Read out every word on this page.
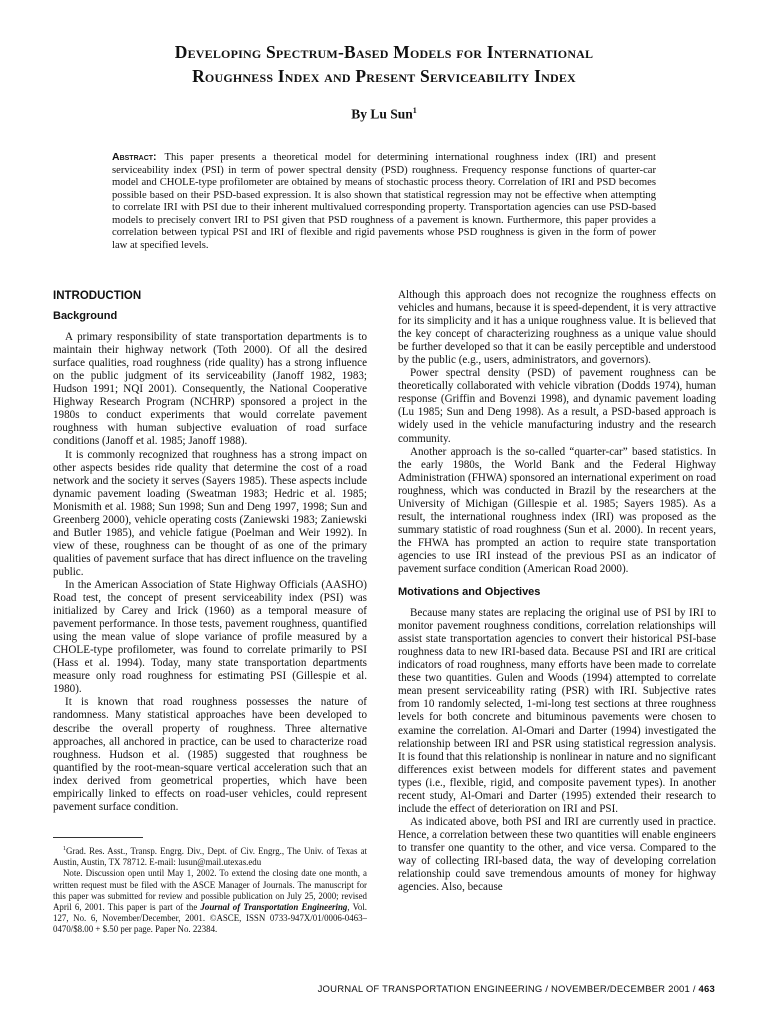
Developing Spectrum-Based Models for International
Roughness Index and Present Serviceability Index
By Lu Sun$^1$
Abstract: This paper presents a theoretical model for determining international roughness index (IRI) and present serviceability index (PSI) in term of power spectral density (PSD) roughness. Frequency response functions of quarter-car model and CHOLE-type profilometer are obtained by means of stochastic process theory. Correlation of IRI and PSD becomes possible based on their PSD-based expression. It is also shown that statistical regression may not be effective when attempting to correlate IRI with PSI due to their inherent multivalued corresponding property. Transportation agencies can use PSD-based models to precisely convert IRI to PSI given that PSD roughness of a pavement is known. Furthermore, this paper provides a correlation between typical PSI and IRI of flexible and rigid pavements whose PSD roughness is given in the form of power law at specified levels.
INTRODUCTION
Background

A primary responsibility of state transportation departments is to maintain their highway network (Toth 2000). Of all the desired surface qualities, road roughness (ride quality) has a strong influence on the public judgment of its serviceability (Janoff 1982, 1983; Hudson 1991; NQI 2001). Consequently, the National Cooperative Highway Research Program (NCHRP) sponsored a project in the 1980s to conduct experiments that would correlate pavement roughness with human subjective evaluation of road surface conditions (Janoff et al. 1985; Janoff 1988).

It is commonly recognized that roughness has a strong impact on other aspects besides ride quality that determine the cost of a road network and the society it serves (Sayers 1985). These aspects include dynamic pavement loading (Sweatman 1983; Hedric et al. 1985; Monismith et al. 1988; Sun 1998; Sun and Deng 1997, 1998; Sun and Greenberg 2000), vehicle operating costs (Zaniewski 1983; Zaniewski and Butler 1985), and vehicle fatigue (Poelman and Weir 1992). In view of these, roughness can be thought of as one of the primary qualities of pavement surface that has direct influence on the traveling public.

In the American Association of State Highway Officials (AASHO) Road test, the concept of present serviceability index (PSI) was initialized by Carey and Irick (1960) as a temporal measure of pavement performance. In those tests, pavement roughness, quantified using the mean value of slope variance of profile measured by a CHOLE-type profilometer, was found to correlate primarily to PSI (Hass et al. 1994). Today, many state transportation departments measure only road roughness for estimating PSI (Gillespie et al. 1980).

It is known that road roughness possesses the nature of randomness. Many statistical approaches have been developed to describe the overall property of roughness. Three alternative approaches, all anchored in practice, can be used to characterize road roughness. Hudson et al. (1985) suggested that roughness be quantified by the root-mean-square vertical acceleration such that an index derived from geometrical properties, which have been empirically linked to effects on road-user vehicles, could represent pavement surface condition.

$^1$Grad. Res. Asst., Transp. Engrg. Div., Dept. of Civ. Engrg., The Univ. of Texas at Austin, Austin, TX 78712. E-mail: lusun@mail.utexas.edu

Note. Discussion open until May 1, 2002. To extend the closing date one month, a written request must be filed with the ASCE Manager of Journals. The manuscript for this paper was submitted for review and possible publication on July 25, 2000; revised April 6, 2001. This paper is part of the Journal of Transportation Engineering, Vol. 127, No. 6, November/December, 2001. ©ASCE, ISSN 0733-947X/01/0006-0463–0470/$8.00 + $.50 per page. Paper No. 22384.

Although this approach does not recognize the roughness effects on vehicles and humans, because it is speed-dependent, it is very attractive for its simplicity and it has a unique roughness value. It is believed that the key concept of characterizing roughness as a unique value should be further developed so that it can be easily perceptible and understood by the public (e.g., users, administrators, and governors).

Power spectral density (PSD) of pavement roughness can be theoretically collaborated with vehicle vibration (Dodds 1974), human response (Griffin and Bovenzi 1998), and dynamic pavement loading (Lu 1985; Sun and Deng 1998). As a result, a PSD-based approach is widely used in the vehicle manufacturing industry and the research community.

Another approach is the so-called “quarter-car” based statistics. In the early 1980s, the World Bank and the Federal Highway Administration (FHWA) sponsored an international experiment on road roughness, which was conducted in Brazil by the researchers at the University of Michigan (Gillespie et al. 1985; Sayers 1985). As a result, the international roughness index (IRI) was proposed as the summary statistic of road roughness (Sun et al. 2000). In recent years, the FHWA has prompted an action to require state transportation agencies to use IRI instead of the previous PSI as an indicator of pavement surface condition (American Road 2000).

Motivations and Objectives

Because many states are replacing the original use of PSI by IRI to monitor pavement roughness conditions, correlation relationships will assist state transportation agencies to convert their historical PSI-base roughness data to new IRI-based data. Because PSI and IRI are critical indicators of road roughness, many efforts have been made to correlate these two quantities. Gulen and Woods (1994) attempted to correlate mean present serviceability rating (PSR) with IRI. Subjective rates from 10 randomly selected, 1-mi-long test sections at three roughness levels for both concrete and bituminous pavements were chosen to examine the correlation. Al-Omari and Darter (1994) investigated the relationship between IRI and PSR using statistical regression analysis. It is found that this relationship is nonlinear in nature and no significant differences exist between models for different states and pavement types (i.e., flexible, rigid, and composite pavement types). In another recent study, Al-Omari and Darter (1995) extended their research to include the effect of deterioration on IRI and PSI.

As indicated above, both PSI and IRI are currently used in practice. Hence, a correlation between these two quantities will enable engineers to transfer one quantity to the other, and vice versa. Compared to the way of collecting IRI-based data, the way of developing correlation relationship could save tremendous amounts of money for highway agencies. Also, because

JOURNAL OF TRANSPORTATION ENGINEERING / NOVEMBER/DECEMBER 2001 / 463
